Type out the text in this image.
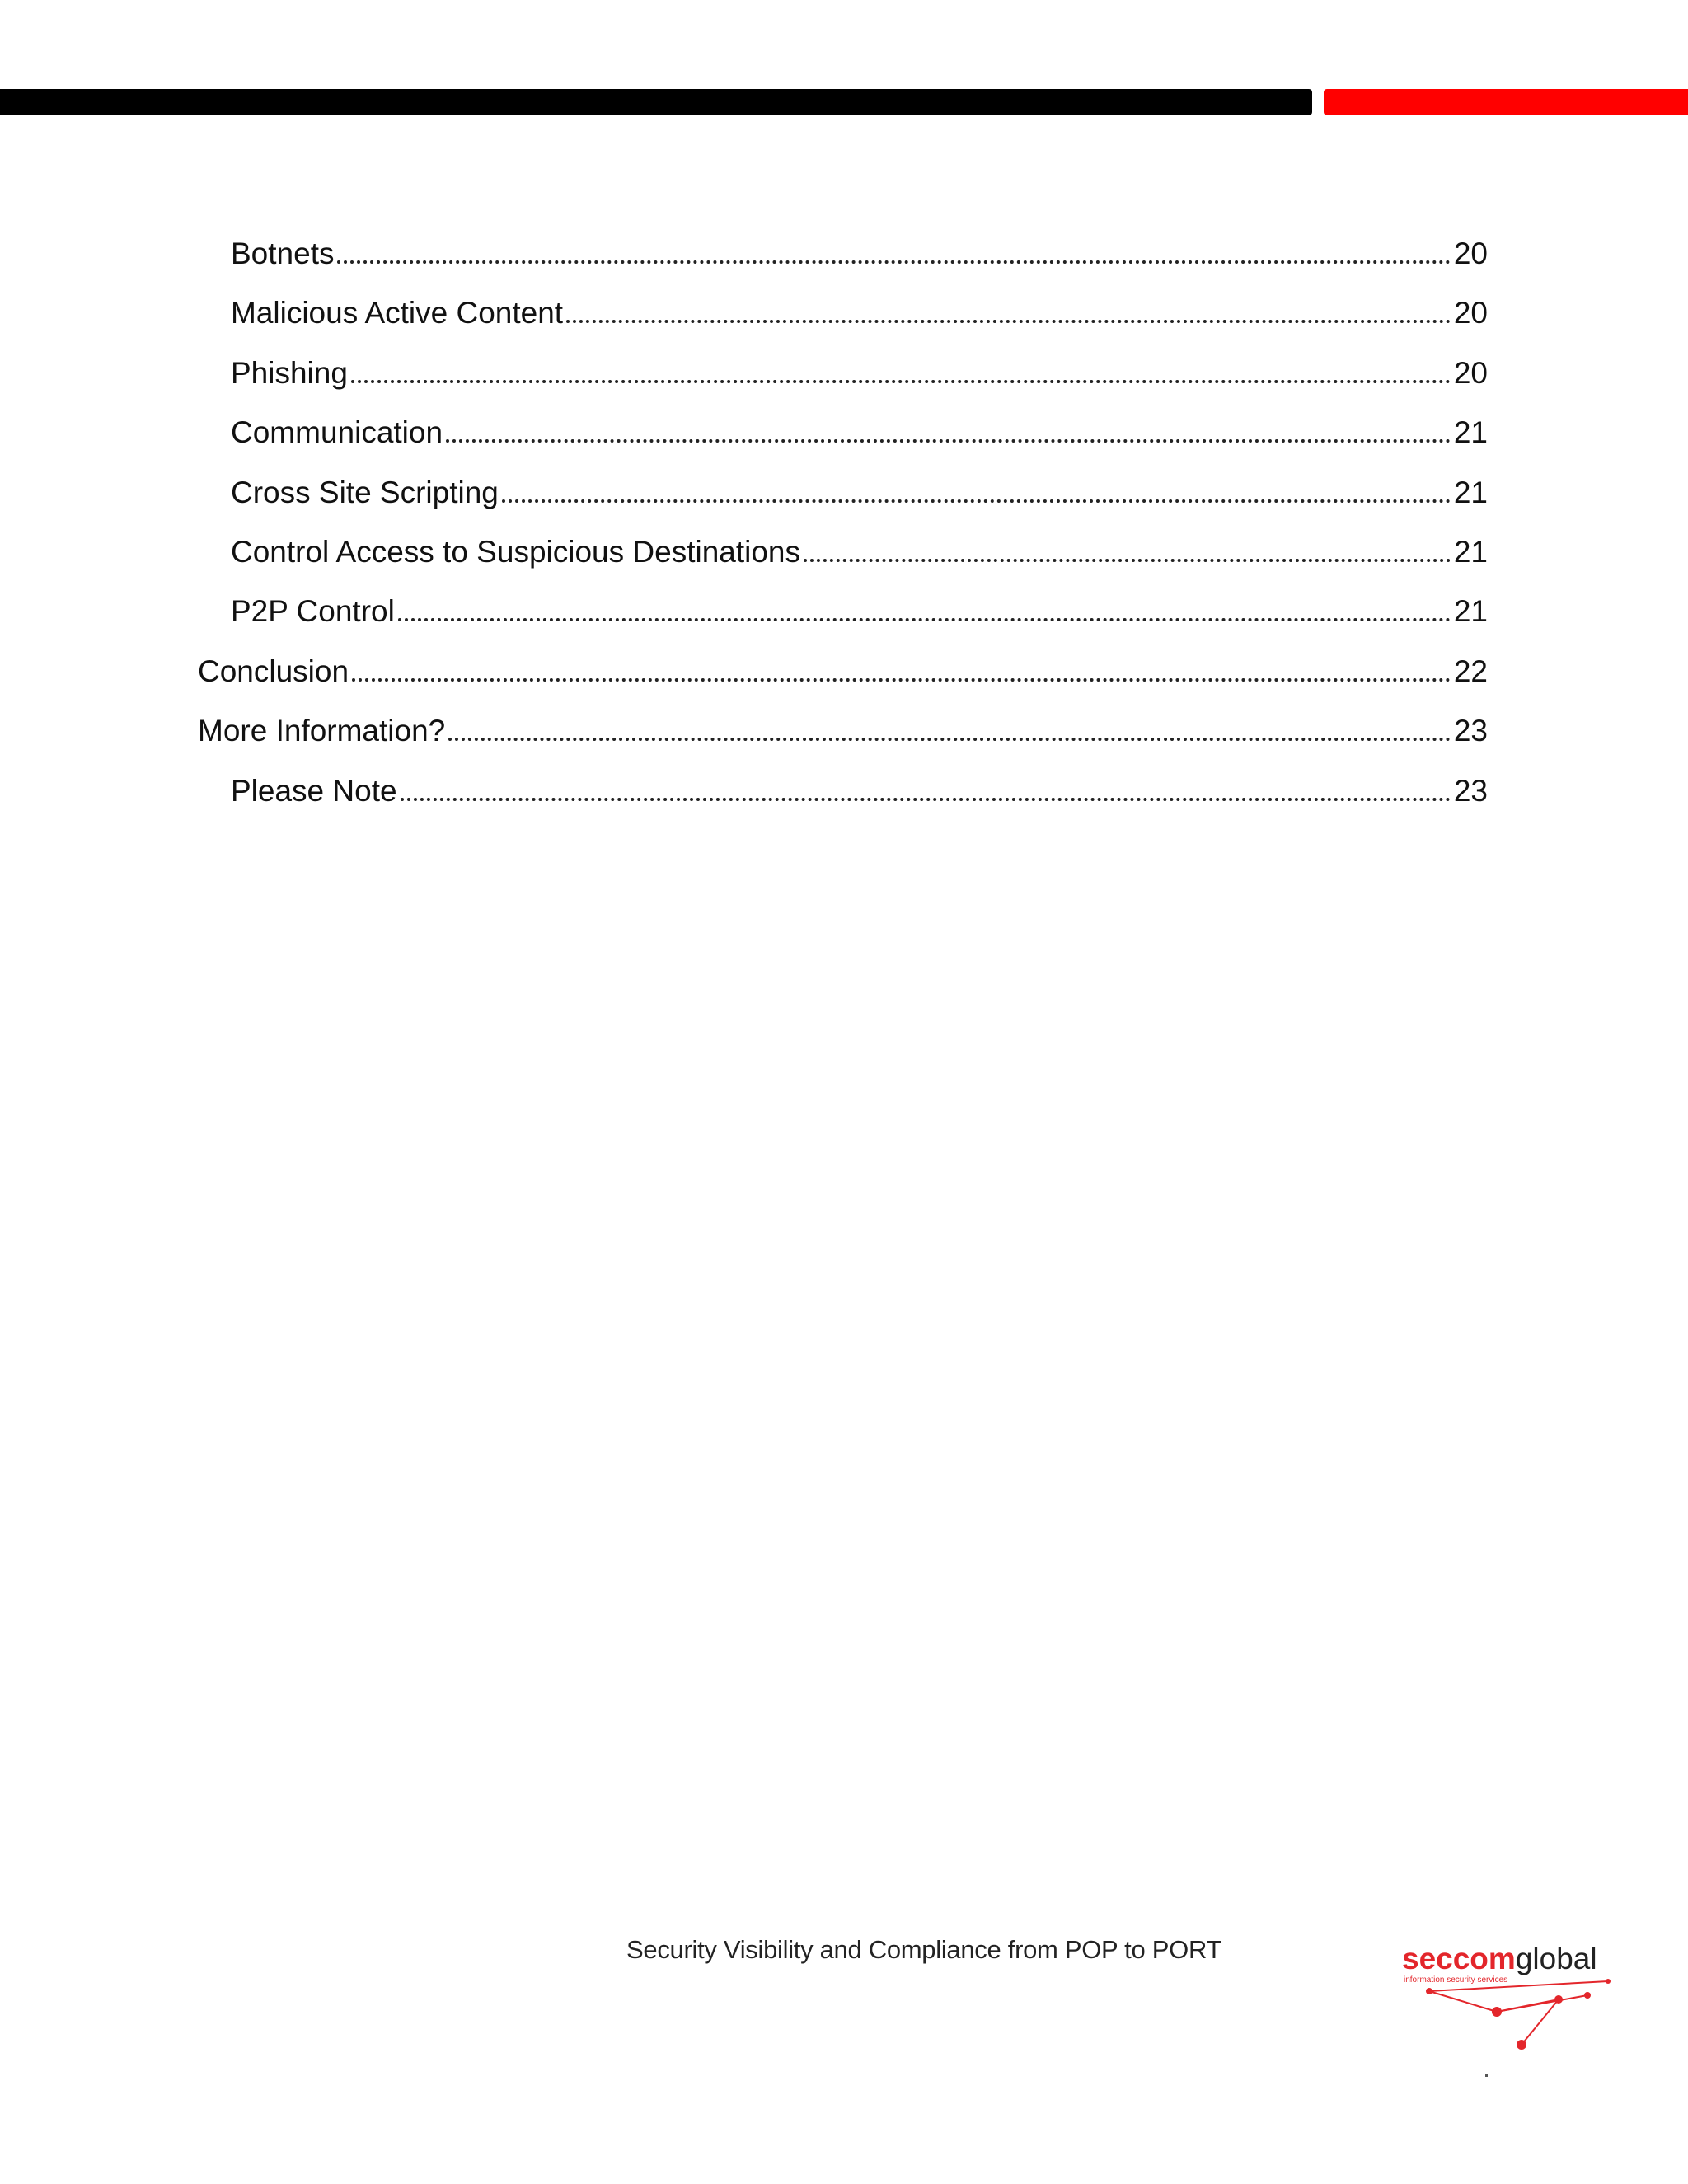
Botnets	20
Malicious Active Content	20
Phishing	20
Communication	21
Cross Site Scripting	21
Control Access to Suspicious Destinations	21
P2P Control	21
Conclusion	22
More Information?	23
Please Note	23
Security Visibility and Compliance from POP to PORT	seccomglobal
information security services
